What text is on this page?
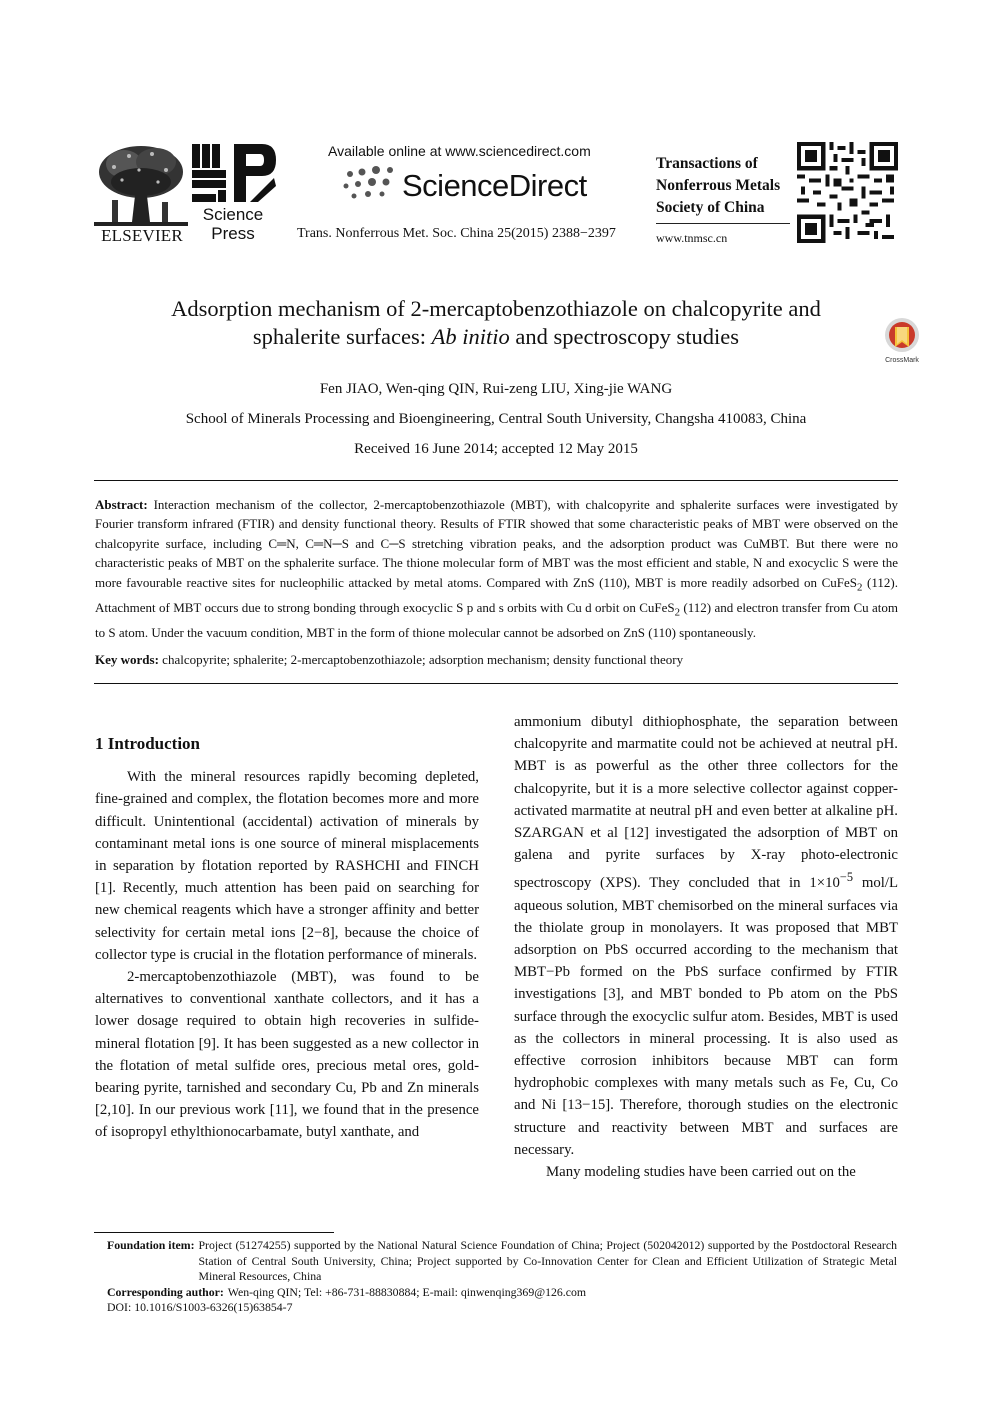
ELSEVIER
Science
Press
Available online at www.sciencedirect.com
ScienceDirect
Trans. Nonferrous Met. Soc. China 25(2015) 2388−2397
Transactions of
Nonferrous Metals
Society of China
www.tnmsc.cn
Adsorption mechanism of 2-mercaptobenzothiazole on chalcopyrite and
sphalerite surfaces: Ab initio and spectroscopy studies
CrossMark
Fen JIAO, Wen-qing QIN, Rui-zeng LIU, Xing-jie WANG
School of Minerals Processing and Bioengineering, Central South University, Changsha 410083, China
Received 16 June 2014; accepted 12 May 2015
Abstract: Interaction mechanism of the collector, 2-mercaptobenzothiazole (MBT), with chalcopyrite and sphalerite surfaces were investigated by Fourier transform infrared (FTIR) and density functional theory. Results of FTIR showed that some characteristic peaks of MBT were observed on the chalcopyrite surface, including C═N, C═N─S and C─S stretching vibration peaks, and the adsorption product was CuMBT. But there were no characteristic peaks of MBT on the sphalerite surface. The thione molecular form of MBT was the most efficient and stable, N and exocyclic S were the more favourable reactive sites for nucleophilic attacked by metal atoms. Compared with ZnS (110), MBT is more readily adsorbed on CuFeS$_2$ (112). Attachment of MBT occurs due to strong bonding through exocyclic S p and s orbits with Cu d orbit on CuFeS$_2$ (112) and electron transfer from Cu atom to S atom. Under the vacuum condition, MBT in the form of thione molecular cannot be adsorbed on ZnS (110) spontaneously.
Key words: chalcopyrite; sphalerite; 2-mercaptobenzothiazole; adsorption mechanism; density functional theory
1 Introduction

With the mineral resources rapidly becoming depleted, fine-grained and complex, the flotation becomes more and more difficult. Unintentional (accidental) activation of minerals by contaminant metal ions is one source of mineral misplacements in separation by flotation reported by RASHCHI and FINCH [1]. Recently, much attention has been paid on searching for new chemical reagents which have a stronger affinity and better selectivity for certain metal ions [2−8], because the choice of collector type is crucial in the flotation performance of minerals.

2-mercaptobenzothiazole (MBT), was found to be alternatives to conventional xanthate collectors, and it has a lower dosage required to obtain high recoveries in sulfide-mineral flotation [9]. It has been suggested as a new collector in the flotation of metal sulfide ores, precious metal ores, gold-bearing pyrite, tarnished and secondary Cu, Pb and Zn minerals [2,10]. In our previous work [11], we found that in the presence of isopropyl ethylthionocarbamate, butyl xanthate, and

ammonium dibutyl dithiophosphate, the separation between chalcopyrite and marmatite could not be achieved at neutral pH. MBT is as powerful as the other three collectors for the chalcopyrite, but it is a more selective collector against copper-activated marmatite at neutral pH and even better at alkaline pH. SZARGAN et al [12] investigated the adsorption of MBT on galena and pyrite surfaces by X-ray photo-electronic spectroscopy (XPS). They concluded that in $1\times 10^{-5}$ mol/L aqueous solution, MBT chemisorbed on the mineral surfaces via the thiolate group in monolayers. It was proposed that MBT adsorption on PbS occurred according to the mechanism that MBT−Pb formed on the PbS surface confirmed by FTIR investigations [3], and MBT bonded to Pb atom on the PbS surface through the exocyclic sulfur atom. Besides, MBT is used as the collectors in mineral processing. It is also used as effective corrosion inhibitors because MBT can form hydrophobic complexes with many metals such as Fe, Cu, Co and Ni [13−15]. Therefore, thorough studies on the electronic structure and reactivity between MBT and surfaces are necessary.

Many modeling studies have been carried out on the

Foundation item: Project (51274255) supported by the National Natural Science Foundation of China; Project (502042012) supported by the Postdoctoral Research Station of Central South University, China; Project supported by Co-Innovation Center for Clean and Efficient Utilization of Strategic Metal Mineral Resources, China
Corresponding author: Wen-qing QIN; Tel: +86-731-88830884; E-mail: qinwenqing369@126.com
DOI: 10.1016/S1003-6326(15)63854-7
